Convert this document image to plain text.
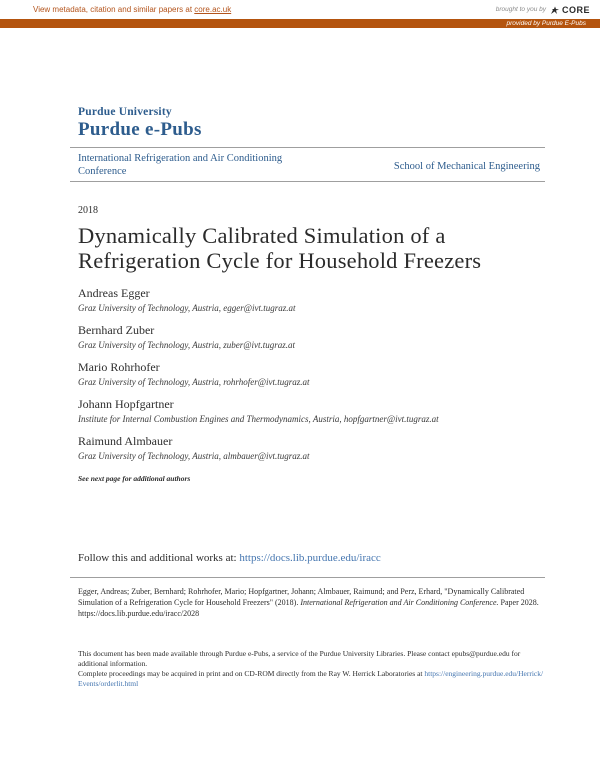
View metadata, citation and similar papers at core.ac.uk	brought to you by CORE
provided by Purdue E-Pubs
Purdue University
Purdue e-Pubs
International Refrigeration and Air Conditioning Conference	School of Mechanical Engineering
2018
Dynamically Calibrated Simulation of a
Refrigeration Cycle for Household Freezers
Andreas Egger
Graz University of Technology, Austria, egger@ivt.tugraz.at
Bernhard Zuber
Graz University of Technology, Austria, zuber@ivt.tugraz.at
Mario Rohrhofer
Graz University of Technology, Austria, rohrhofer@ivt.tugraz.at
Johann Hopfgartner
Institute for Internal Combustion Engines and Thermodynamics, Austria, hopfgartner@ivt.tugraz.at
Raimund Almbauer
Graz University of Technology, Austria, almbauer@ivt.tugraz.at
See next page for additional authors
Follow this and additional works at: https://docs.lib.purdue.edu/iracc
Egger, Andreas; Zuber, Bernhard; Rohrhofer, Mario; Hopfgartner, Johann; Almbauer, Raimund; and Perz, Erhard, "Dynamically Calibrated Simulation of a Refrigeration Cycle for Household Freezers" (2018). International Refrigeration and Air Conditioning Conference. Paper 2028.
https://docs.lib.purdue.edu/iracc/2028

This document has been made available through Purdue e-Pubs, a service of the Purdue University Libraries. Please contact epubs@purdue.edu for additional information.

Complete proceedings may be acquired in print and on CD-ROM directly from the Ray W. Herrick Laboratories at https://engineering.purdue.edu/Herrick/Events/orderlit.html
